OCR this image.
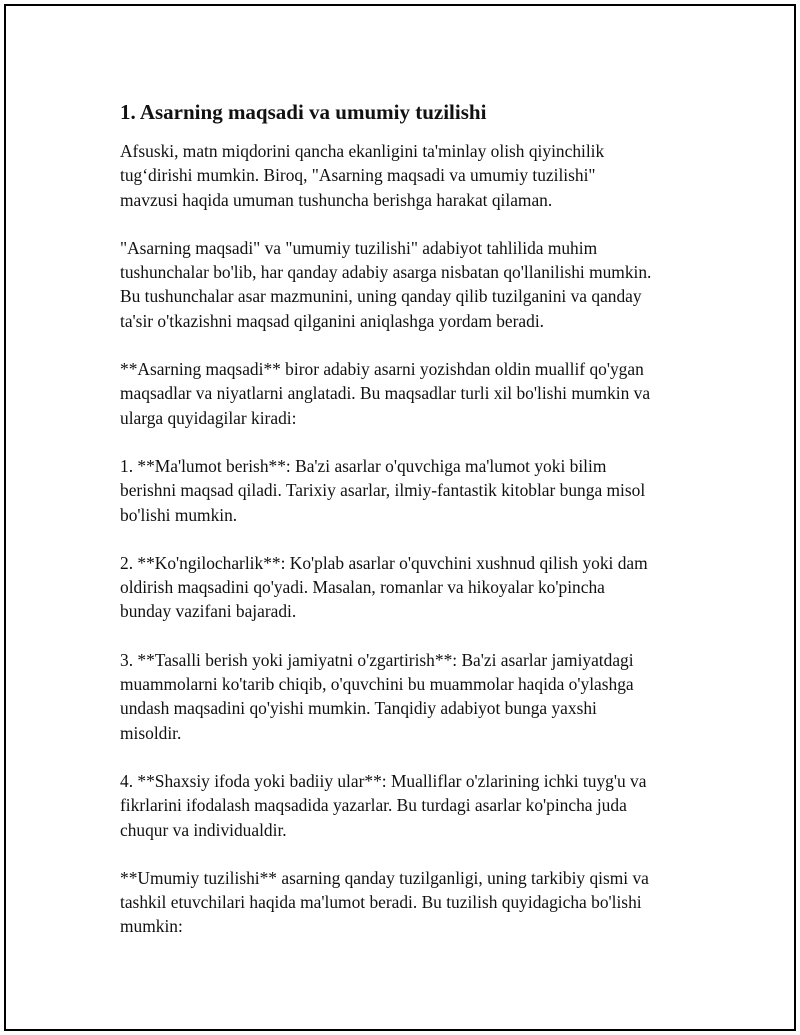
1. Asarning maqsadi va umumiy tuzilishi

Afsuski, matn miqdorini qancha ekanligini ta'minlay olish qiyinchilik
tug‘dirishi mumkin. Biroq, "Asarning maqsadi va umumiy tuzilishi"
mavzusi haqida umuman tushuncha berishga harakat qilaman.

"Asarning maqsadi" va "umumiy tuzilishi" adabiyot tahlilida muhim
tushunchalar bo'lib, har qanday adabiy asarga nisbatan qo'llanilishi mumkin.
Bu tushunchalar asar mazmunini, uning qanday qilib tuzilganini va qanday
ta'sir o'tkazishni maqsad qilganini aniqlashga yordam beradi.

**Asarning maqsadi** biror adabiy asarni yozishdan oldin muallif qo'ygan
maqsadlar va niyatlarni anglatadi. Bu maqsadlar turli xil bo'lishi mumkin va
ularga quyidagilar kiradi:

1. **Ma'lumot berish**: Ba'zi asarlar o'quvchiga ma'lumot yoki bilim
berishni maqsad qiladi. Tarixiy asarlar, ilmiy-fantastik kitoblar bunga misol
bo'lishi mumkin.

2. **Ko'ngilocharlik**: Ko'plab asarlar o'quvchini xushnud qilish yoki dam
oldirish maqsadini qo'yadi. Masalan, romanlar va hikoyalar ko'pincha
bunday vazifani bajaradi.

3. **Tasalli berish yoki jamiyatni o'zgartirish**: Ba'zi asarlar jamiyatdagi
muammolarni ko'tarib chiqib, o'quvchini bu muammolar haqida o'ylashga
undash maqsadini qo'yishi mumkin. Tanqidiy adabiyot bunga yaxshi
misoldir.

4. **Shaxsiy ifoda yoki badiiy ular**: Mualliflar o'zlarining ichki tuyg'u va
fikrlarini ifodalash maqsadida yazarlar. Bu turdagi asarlar ko'pincha juda
chuqur va individualdir.

**Umumiy tuzilishi** asarning qanday tuzilganligi, uning tarkibiy qismi va
tashkil etuvchilari haqida ma'lumot beradi. Bu tuzilish quyidagicha bo'lishi
mumkin:
